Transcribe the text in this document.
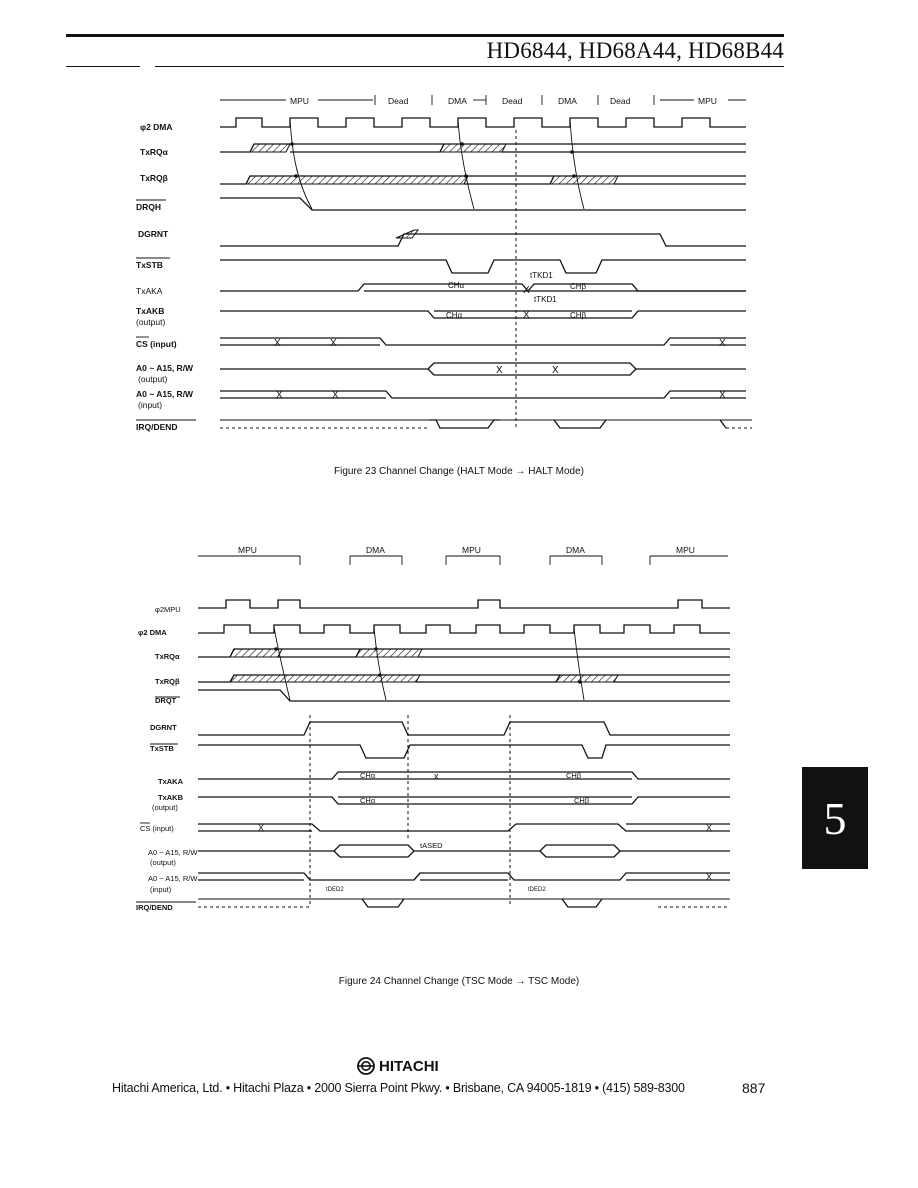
HD6844, HD68A44, HD68B44
MPU	Dead	DMA	Dead	DMA	Dead	MPU
φ2 DMA
TxRQα
TxRQβ
DRQH
DGRNT
TxSTB
TxAKA
TxAKB
(output)
CS (input)
A0 ~ A15, R/W
(output)
A0 ~ A15, R/W
(input)
IRQ/DEND
CHα	CHβ
tTKD1
CHα	CHβ
tTKD1
X
X
X	X	X
X	X
X	X	X
Figure 23 Channel Change (HALT Mode → HALT Mode)
MPU	DMA	MPU	DMA	MPU
φ2MPU
φ2 DMA
TxRQα
TxRQβ
DRQT
DGRNT
TxSTB
TxAKA
TxAKB
(output)
CS (input)
A0 ~ A15, R/W
(output)
A0 ~ A15, R/W
(input)
IRQ/DEND
CHα	CHβ
x
CHα	CHβ
X	X
tASED
X
tDED2	tDED2
Figure 24 Channel Change (TSC Mode → TSC Mode)
5
HITACHI
Hitachi America, Ltd. • Hitachi Plaza • 2000 Sierra Point Pkwy. • Brisbane, CA 94005-1819 • (415) 589-8300	887
